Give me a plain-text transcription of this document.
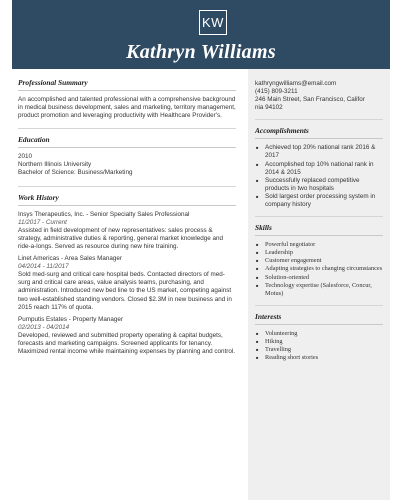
KW
Kathryn Williams
Professional Summary

An accomplished and talented professional with a comprehensive background in medical business development, sales and marketing, territory management, product promotion and leveraging productivity with Healthcare Provider's.

Education

2010

Northern Illinois University

Bachelor of Science: Business/Marketing

Work History

Insys Therapeutics, Inc. - Senior Specialty Sales Professional

11/2017 - Current

Assisted in field development of new representatives: sales process & strategy, administrative duties & reporting, general market knowledge and ride-a-longs. Served as resource during new hire training.

Linet Americas - Area Sales Manager

04/2014 - 11/2017

Sold med-surg and critical care hospital beds. Contacted directors of med-surg and critical care areas, value analysis teams, purchasing, and administration. Introduced new bed line to the US market, competing against two well-established standing vendors. Closed $2.3M in new business and in 2015 reach 117% of quota.

Pumputis Estates - Property Manager

02/2013 - 04/2014

Developed, reviewed and submitted property operating & capital budgets, forecasts and marketing campaigns. Screened applicants for tenancy. Maximized rental income while maintaining expenses by planning and control.

kathryngwilliams@email.com

(415) 809-3211

246 Main Street, San Francisco, Califor

nia 94102

Accomplishments
■ Achieved top 20% national rank 2016 & 2017
■ Accomplished top 10% national rank in 2014 & 2015
■ Successfully replaced competitive products in two hospitals
■ Sold largest order processing system in company history
Skills
■ Powerful negotiator
■ Leadership
■ Customer engagement
■ Adapting strategies to changing circumstances
■ Solution-oriented
■ Technology expertise (Salesforce, Concur, Motus)
Interests
■ Volunteering
■ Hiking
■ Travelling
■ Reading short stories
